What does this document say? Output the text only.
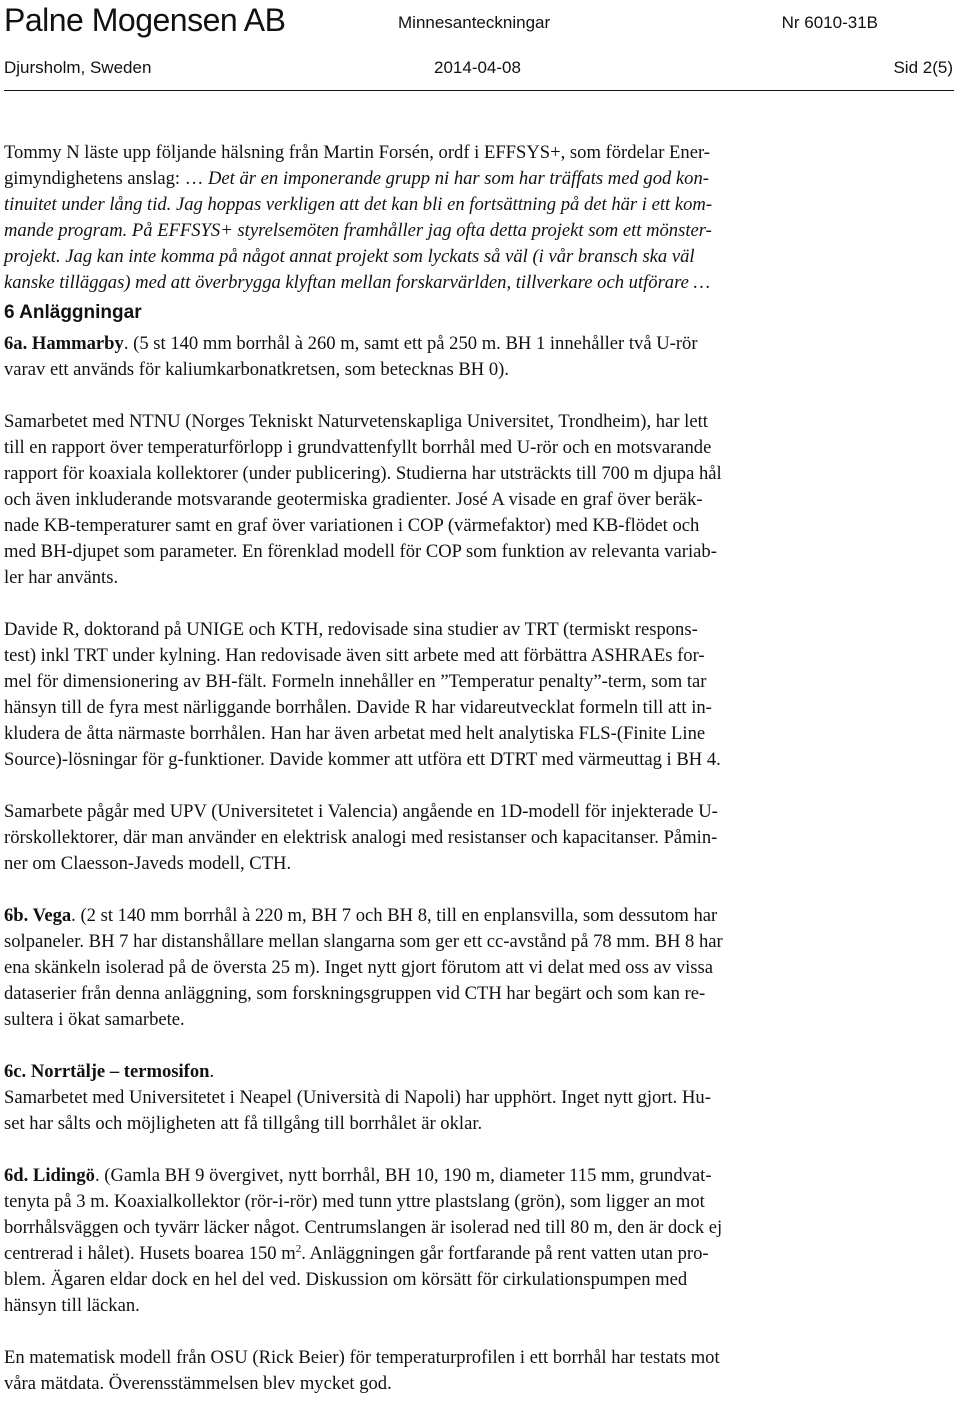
Palne Mogensen AB	Minnesanteckningar	Nr 6010-31B
Djursholm, Sweden	2014-04-08	Sid 2(5)

Tommy N läste upp följande hälsning från Martin Forsén, ordf i EFFSYS+, som fördelar Ener-
gimyndighetens anslag: … Det är en imponerande grupp ni har som har träffats med god kon-
tinuitet under lång tid. Jag hoppas verkligen att det kan bli en fortsättning på det här i ett kom-
mande program. På EFFSYS+ styrelsemöten framhåller jag ofta detta projekt som ett mönster-
projekt. Jag kan inte komma på något annat projekt som lyckats så väl (i vår bransch ska väl
kanske tilläggas) med att överbrygga klyftan mellan forskarvärlden, tillverkare och utförare …

6 Anläggningar

6a. Hammarby. (5 st 140 mm borrhål à 260 m, samt ett på 250 m. BH 1 innehåller två U-rör
varav ett används för kaliumkarbonatkretsen, som betecknas BH 0).

Samarbetet med NTNU (Norges Tekniskt Naturvetenskapliga Universitet, Trondheim), har lett
till en rapport över temperaturförlopp i grundvattenfyllt borrhål med U-rör och en motsvarande
rapport för koaxiala kollektorer (under publicering). Studierna har utsträckts till 700 m djupa hål
och även inkluderande motsvarande geotermiska gradienter. José A visade en graf över beräk-
nade KB-temperaturer samt en graf över variationen i COP (värmefaktor) med KB-flödet och
med BH-djupet som parameter. En förenklad modell för COP som funktion av relevanta variab-
ler har använts.

Davide R, doktorand på UNIGE och KTH, redovisade sina studier av TRT (termiskt respons-
test) inkl TRT under kylning. Han redovisade även sitt arbete med att förbättra ASHRAEs for-
mel för dimensionering av BH-fält. Formeln innehåller en ”Temperatur penalty”-term, som tar
hänsyn till de fyra mest närliggande borrhålen. Davide R har vidareutvecklat formeln till att in-
kludera de åtta närmaste borrhålen. Han har även arbetat med helt analytiska FLS-(Finite Line
Source)-lösningar för g-funktioner. Davide kommer att utföra ett DTRT med värmeuttag i BH 4.

Samarbete pågår med UPV (Universitetet i Valencia) angående en 1D-modell för injekterade U-
rörskollektorer, där man använder en elektrisk analogi med resistanser och kapacitanser. Påmin-
ner om Claesson-Javeds modell, CTH.

6b. Vega. (2 st 140 mm borrhål à 220 m, BH 7 och BH 8, till en enplansvilla, som dessutom har
solpaneler. BH 7 har distanshållare mellan slangarna som ger ett cc-avstånd på 78 mm. BH 8 har
ena skänkeln isolerad på de översta 25 m). Inget nytt gjort förutom att vi delat med oss av vissa
dataserier från denna anläggning, som forskningsgruppen vid CTH har begärt och som kan re-
sultera i ökat samarbete.

6c. Norrtälje – termosifon.
Samarbetet med Universitetet i Neapel (Università di Napoli) har upphört. Inget nytt gjort. Hu-
set har sålts och möjligheten att få tillgång till borrhålet är oklar.

6d. Lidingö. (Gamla BH 9 övergivet, nytt borrhål, BH 10, 190 m, diameter 115 mm, grundvat-
tenyta på 3 m. Koaxialkollektor (rör-i-rör) med tunn yttre plastslang (grön), som ligger an mot
borrhålsväggen och tyvärr läcker något. Centrumslangen är isolerad ned till 80 m, den är dock ej
centrerad i hålet). Husets boarea 150 $m^2$. Anläggningen går fortfarande på rent vatten utan pro-
blem. Ägaren eldar dock en hel del ved. Diskussion om körsätt för cirkulationspumpen med
hänsyn till läckan.

En matematisk modell från OSU (Rick Beier) för temperaturprofilen i ett borrhål har testats mot
våra mätdata. Överensstämmelsen blev mycket god.
